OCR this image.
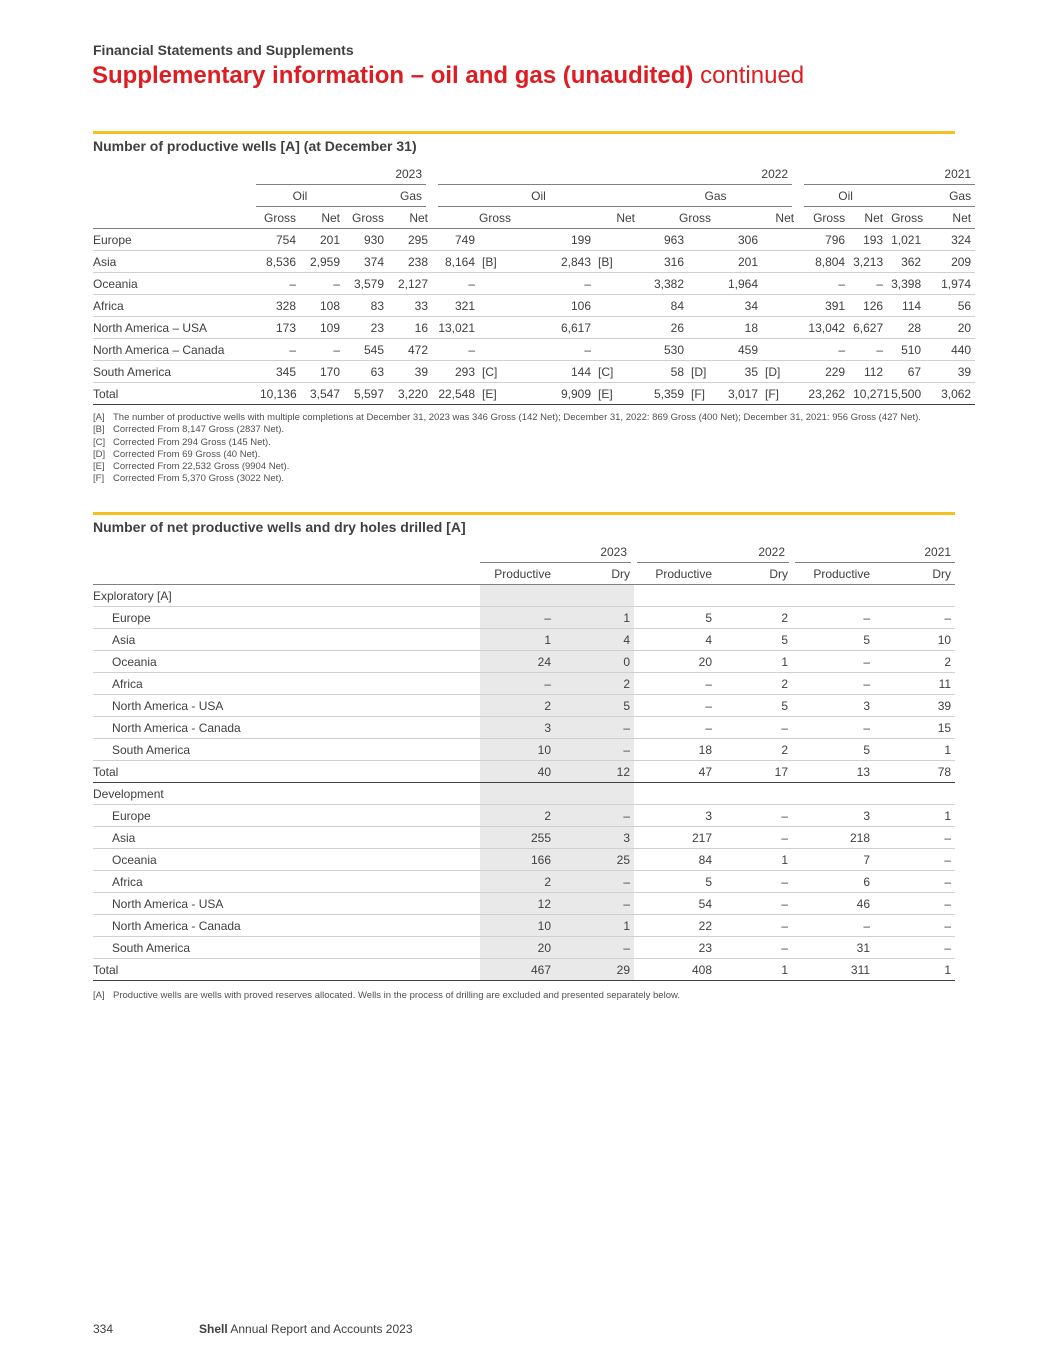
Financial Statements and Supplements
Supplementary information – oil and gas (unaudited) continued
Number of productive wells [A] (at December 31)
	2023				2022								2021			
	Oil		Gas		Oil				Gas				Oil		Gas	
	Gross	Net	Gross	Net	Gross		Net		Gross		Net		Gross	Net	Gross	Net
Europe	754	201	930	295	749		199		963		306		796	193	1,021	324
Asia	8,536	2,959	374	238	8,164	[B]	2,843	[B]	316		201		8,804	3,213	362	209
Oceania	–	–	3,579	2,127	–		–		3,382		1,964		–	–	3,398	1,974
Africa	328	108	83	33	321		106		84		34		391	126	114	56
North America – USA	173	109	23	16	13,021		6,617		26		18		13,042	6,627	28	20
North America – Canada	–	–	545	472	–		–		530		459		–	–	510	440
South America	345	170	63	39	293	[C]	144	[C]	58	[D]	35	[D]	229	112	67	39
Total	10,136	3,547	5,597	3,220	22,548	[E]	9,909	[E]	5,359	[F]	3,017	[F]	23,262	10,271	5,500	3,062
[A] The number of productive wells with multiple completions at December 31, 2023 was 346 Gross (142 Net); December 31, 2022: 869 Gross (400 Net); December 31, 2021: 956 Gross (427 Net).
[B] Corrected From 8,147 Gross (2837 Net).
[C] Corrected From 294 Gross (145 Net).
[D] Corrected From 69 Gross (40 Net).
[E] Corrected From 22,532 Gross (9904 Net).
[F] Corrected From 5,370 Gross (3022 Net).
Number of net productive wells and dry holes drilled [A]
	2023		2022		2021	
	Productive	Dry	Productive	Dry	Productive	Dry
Exploratory [A]						
Europe	–	1	5	2	–	–
Asia	1	4	4	5	5	10
Oceania	24	0	20	1	–	2
Africa	–	2	–	2	–	11
North America - USA	2	5	–	5	3	39
North America - Canada	3	–	–	–	–	15
South America	10	–	18	2	5	1
Total	40	12	47	17	13	78
Development						
Europe	2	–	3	–	3	1
Asia	255	3	217	–	218	–
Oceania	166	25	84	1	7	–
Africa	2	–	5	–	6	–
North America - USA	12	–	54	–	46	–
North America - Canada	10	1	22	–	–	–
South America	20	–	23	–	31	–
Total	467	29	408	1	311	1
[A] Productive wells are wells with proved reserves allocated. Wells in the process of drilling are excluded and presented separately below.
334	Shell Annual Report and Accounts 2023
